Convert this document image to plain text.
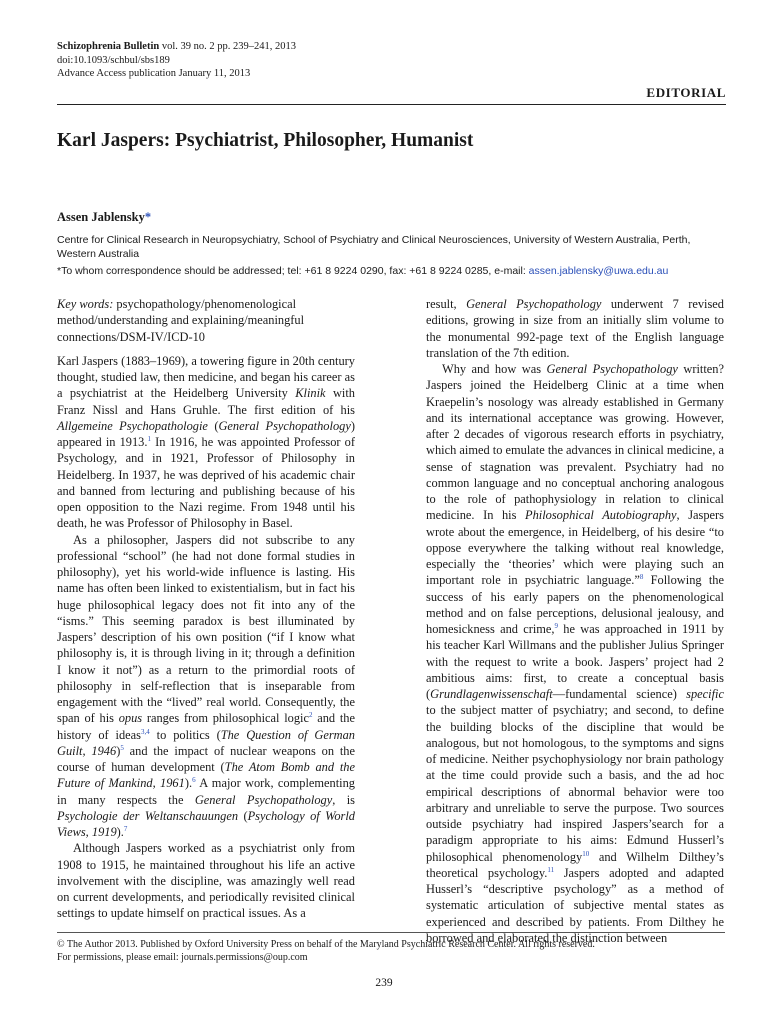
Schizophrenia Bulletin vol. 39 no. 2 pp. 239–241, 2013
doi:10.1093/schbul/sbs189
Advance Access publication January 11, 2013
EDITORIAL
Karl Jaspers: Psychiatrist, Philosopher, Humanist
Assen Jablensky*
Centre for Clinical Research in Neuropsychiatry, School of Psychiatry and Clinical Neurosciences, University of Western Australia, Perth, Western Australia
*To whom correspondence should be addressed; tel: +61 8 9224 0290, fax: +61 8 9224 0285, e-mail: assen.jablensky@uwa.edu.au

Key words: psychopathology/phenomenological method/understanding and explaining/meaningful connections/DSM-IV/ICD-10

Karl Jaspers (1883–1969), a towering figure in 20th century thought, studied law, then medicine, and began his career as a psychiatrist at the Heidelberg University Klinik with Franz Nissl and Hans Gruhle. The first edition of his Allgemeine Psychopathologie (General Psychopathology) appeared in 1913.$^1$ In 1916, he was appointed Professor of Psychology, and in 1921, Professor of Philosophy in Heidelberg. In 1937, he was deprived of his academic chair and banned from lecturing and publishing because of his open opposition to the Nazi regime. From 1948 until his death, he was Professor of Philosophy in Basel.

As a philosopher, Jaspers did not subscribe to any professional “school” (he had not done formal studies in philosophy), yet his world-wide influence is lasting. His name has often been linked to existentialism, but in fact his huge philosophical legacy does not fit into any of the “isms.” This seeming paradox is best illuminated by Jaspers’ description of his own position (“if I know what philosophy is, it is through living in it; through a definition I know it not”) as a return to the primordial roots of philosophy in self-reflection that is inseparable from engagement with the “lived” real world. Consequently, the span of his opus ranges from philosophical logic$^2$ and the history of ideas$^{3,4}$ to politics (The Question of German Guilt, 1946)$^5$ and the impact of nuclear weapons on the course of human development (The Atom Bomb and the Future of Mankind, 1961).$^6$ A major work, complementing in many respects the General Psychopathology, is Psychologie der Weltanschauungen (Psychology of World Views, 1919).$^7$

Although Jaspers worked as a psychiatrist only from 1908 to 1915, he maintained throughout his life an active involvement with the discipline, was amazingly well read on current developments, and periodically revisited clinical settings to update himself on practical issues. As a

result, General Psychopathology underwent 7 revised editions, growing in size from an initially slim volume to the monumental 992-page text of the English language translation of the 7th edition.

Why and how was General Psychopathology written? Jaspers joined the Heidelberg Clinic at a time when Kraepelin’s nosology was already established in Germany and its international acceptance was growing. However, after 2 decades of vigorous research efforts in psychiatry, which aimed to emulate the advances in clinical medicine, a sense of stagnation was prevalent. Psychiatry had no common language and no conceptual anchoring analogous to the role of pathophysiology in relation to clinical medicine. In his Philosophical Autobiography, Jaspers wrote about the emergence, in Heidelberg, of his desire “to oppose everywhere the talking without real knowledge, especially the ‘theories’ which were playing such an important role in psychiatric language.”$^8$ Following the success of his early papers on the phenomenological method and on false perceptions, delusional jealousy, and homesickness and crime,$^9$ he was approached in 1911 by his teacher Karl Willmans and the publisher Julius Springer with the request to write a book. Jaspers’ project had 2 ambitious aims: first, to create a conceptual basis (Grundlagenwissenschaft—fundamental science) specific to the subject matter of psychiatry; and second, to define the building blocks of the discipline that would be analogous, but not homologous, to the symptoms and signs of medicine. Neither psychophysiology nor brain pathology at the time could provide such a basis, and the ad hoc empirical descriptions of abnormal behavior were too arbitrary and unreliable to serve the purpose. Two sources outside psychiatry had inspired Jaspers’search for a paradigm appropriate to his aims: Edmund Husserl’s philosophical phenomenology$^{10}$ and Wilhelm Dilthey’s theoretical psychology.$^{11}$ Jaspers adopted and adapted Husserl’s “descriptive psychology” as a method of systematic articulation of subjective mental states as experienced and described by patients. From Dilthey he borrowed and elaborated the distinction between

© The Author 2013. Published by Oxford University Press on behalf of the Maryland Psychiatric Research Center. All rights reserved.
For permissions, please email: journals.permissions@oup.com
239
